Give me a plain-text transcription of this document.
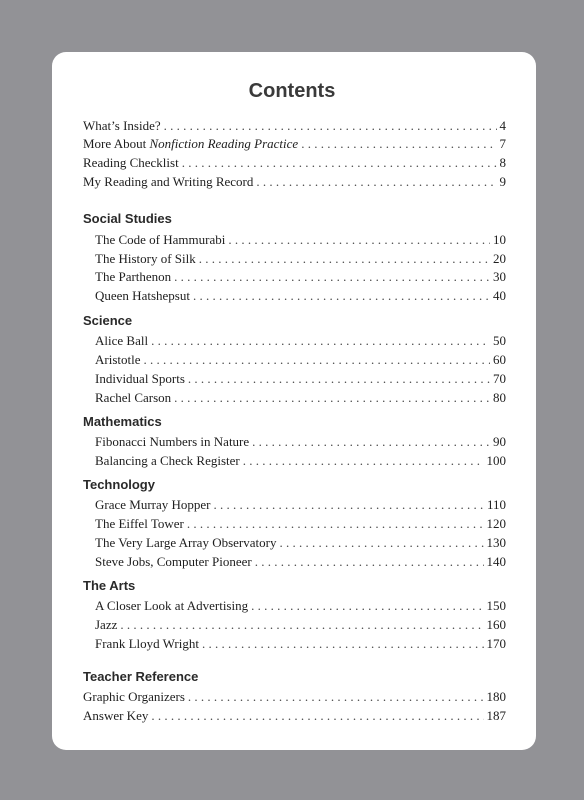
Contents
What’s Inside? . . .	4
More About Nonfiction Reading Practice . . .	7
Reading Checklist . . .	8
My Reading and Writing Record . . .	9
Social Studies
The Code of Hammurabi . . .	10
The History of Silk . . .	20
The Parthenon . . .	30
Queen Hatshepsut . . .	40
Science
Alice Ball . . .	50
Aristotle . . .	60
Individual Sports . . .	70
Rachel Carson . . .	80
Mathematics
Fibonacci Numbers in Nature . . .	90
Balancing a Check Register . . .	100
Technology
Grace Murray Hopper . . .	110
The Eiffel Tower . . .	120
The Very Large Array Observatory . . .	130
Steve Jobs, Computer Pioneer . . .	140
The Arts
A Closer Look at Advertising . . .	150
Jazz . . .	160
Frank Lloyd Wright . . .	170
Teacher Reference
Graphic Organizers . . .	180
Answer Key . . .	187
